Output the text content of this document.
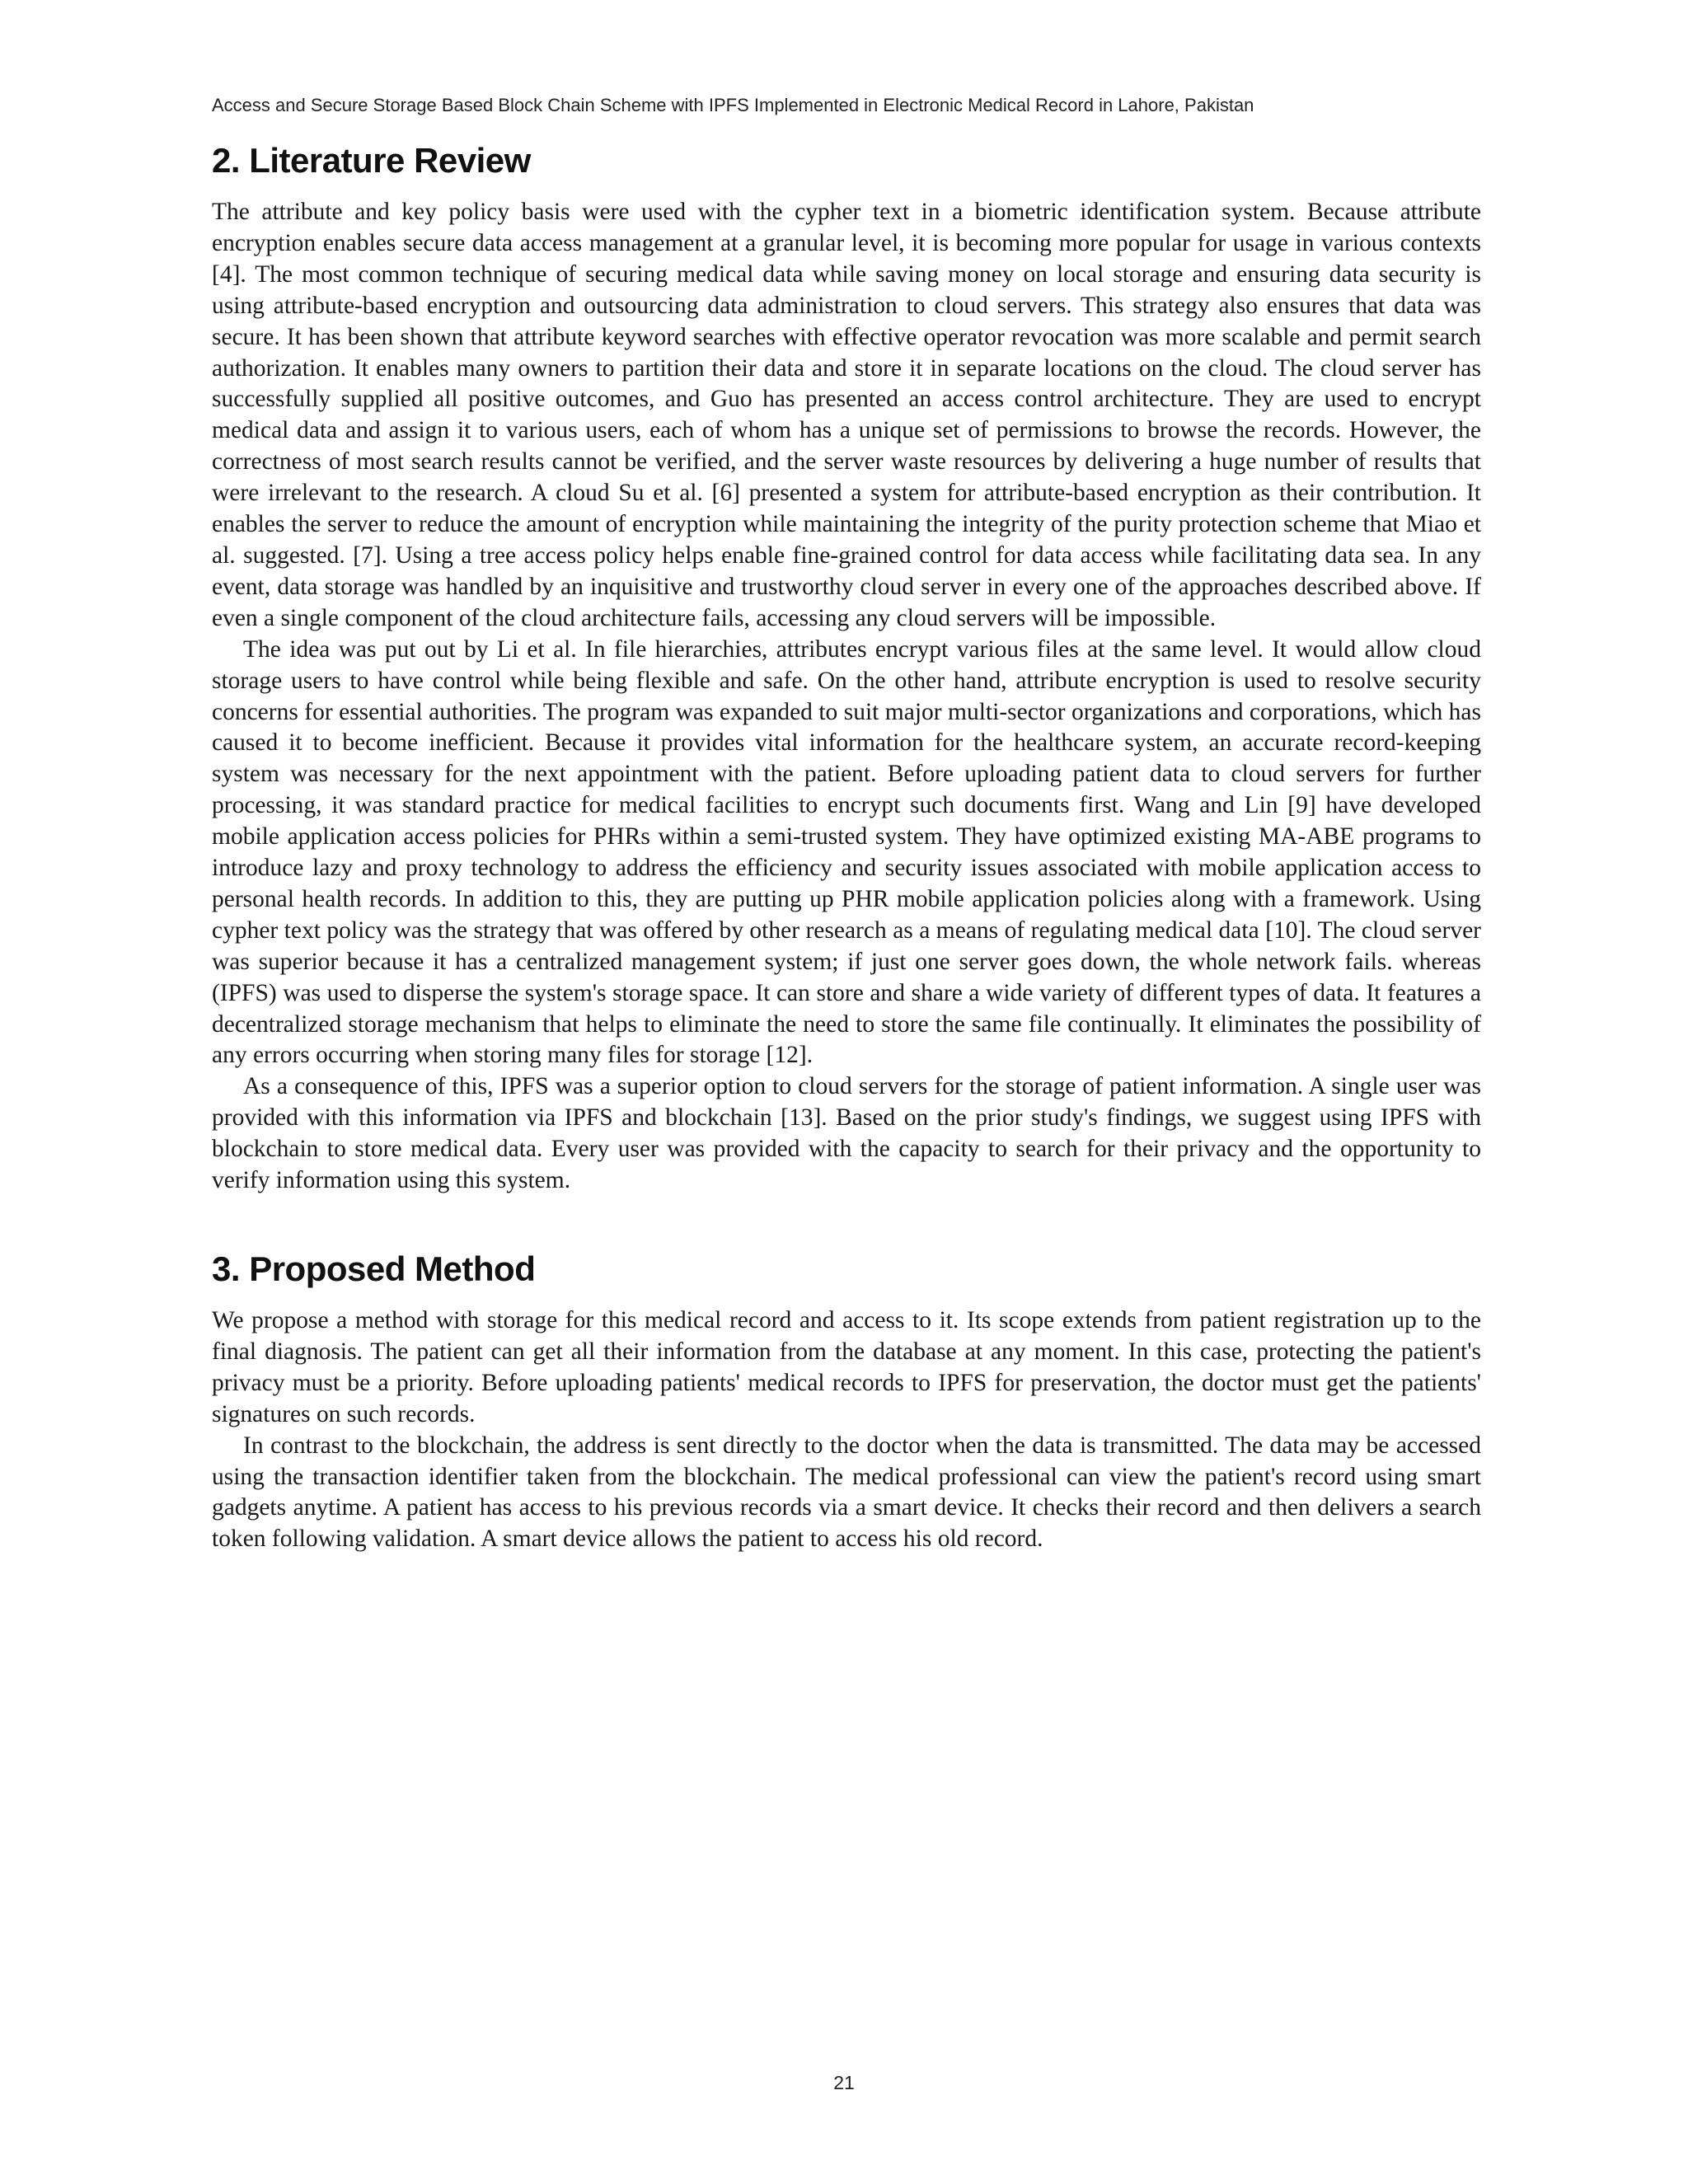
Access and Secure Storage Based Block Chain Scheme with IPFS Implemented in Electronic Medical Record in Lahore, Pakistan
2. Literature Review

The attribute and key policy basis were used with the cypher text in a biometric identification system. Because attribute encryption enables secure data access management at a granular level, it is becoming more popular for usage in various contexts [4]. The most common technique of securing medical data while saving money on local storage and ensuring data security is using attribute-based encryption and outsourcing data administration to cloud servers. This strategy also ensures that data was secure. It has been shown that attribute keyword searches with effective operator revocation was more scalable and permit search authorization. It enables many owners to partition their data and store it in separate locations on the cloud. The cloud server has successfully supplied all positive outcomes, and Guo has presented an access control architecture. They are used to encrypt medical data and assign it to various users, each of whom has a unique set of permissions to browse the records. However, the correctness of most search results cannot be verified, and the server waste resources by delivering a huge number of results that were irrelevant to the research. A cloud Su et al. [6] presented a system for attribute-based encryption as their contribution. It enables the server to reduce the amount of encryption while maintaining the integrity of the purity protection scheme that Miao et al. suggested. [7]. Using a tree access policy helps enable fine-grained control for data access while facilitating data sea. In any event, data storage was handled by an inquisitive and trustworthy cloud server in every one of the approaches described above. If even a single component of the cloud architecture fails, accessing any cloud servers will be impossible.

The idea was put out by Li et al. In file hierarchies, attributes encrypt various files at the same level. It would allow cloud storage users to have control while being flexible and safe. On the other hand, attribute encryption is used to resolve security concerns for essential authorities. The program was expanded to suit major multi-sector organizations and corporations, which has caused it to become inefficient. Because it provides vital information for the healthcare system, an accurate record-keeping system was necessary for the next appointment with the patient. Before uploading patient data to cloud servers for further processing, it was standard practice for medical facilities to encrypt such documents first. Wang and Lin [9] have developed mobile application access policies for PHRs within a semi-trusted system. They have optimized existing MA-ABE programs to introduce lazy and proxy technology to address the efficiency and security issues associated with mobile application access to personal health records. In addition to this, they are putting up PHR mobile application policies along with a framework. Using cypher text policy was the strategy that was offered by other research as a means of regulating medical data [10]. The cloud server was superior because it has a centralized management system; if just one server goes down, the whole network fails. whereas (IPFS) was used to disperse the system's storage space. It can store and share a wide variety of different types of data. It features a decentralized storage mechanism that helps to eliminate the need to store the same file continually. It eliminates the possibility of any errors occurring when storing many files for storage [12].

As a consequence of this, IPFS was a superior option to cloud servers for the storage of patient information. A single user was provided with this information via IPFS and blockchain [13]. Based on the prior study's findings, we suggest using IPFS with blockchain to store medical data. Every user was provided with the capacity to search for their privacy and the opportunity to verify information using this system.

3. Proposed Method

We propose a method with storage for this medical record and access to it. Its scope extends from patient registration up to the final diagnosis. The patient can get all their information from the database at any moment. In this case, protecting the patient's privacy must be a priority. Before uploading patients' medical records to IPFS for preservation, the doctor must get the patients' signatures on such records.

In contrast to the blockchain, the address is sent directly to the doctor when the data is transmitted. The data may be accessed using the transaction identifier taken from the blockchain. The medical professional can view the patient's record using smart gadgets anytime. A patient has access to his previous records via a smart device. It checks their record and then delivers a search token following validation. A smart device allows the patient to access his old record.

21
